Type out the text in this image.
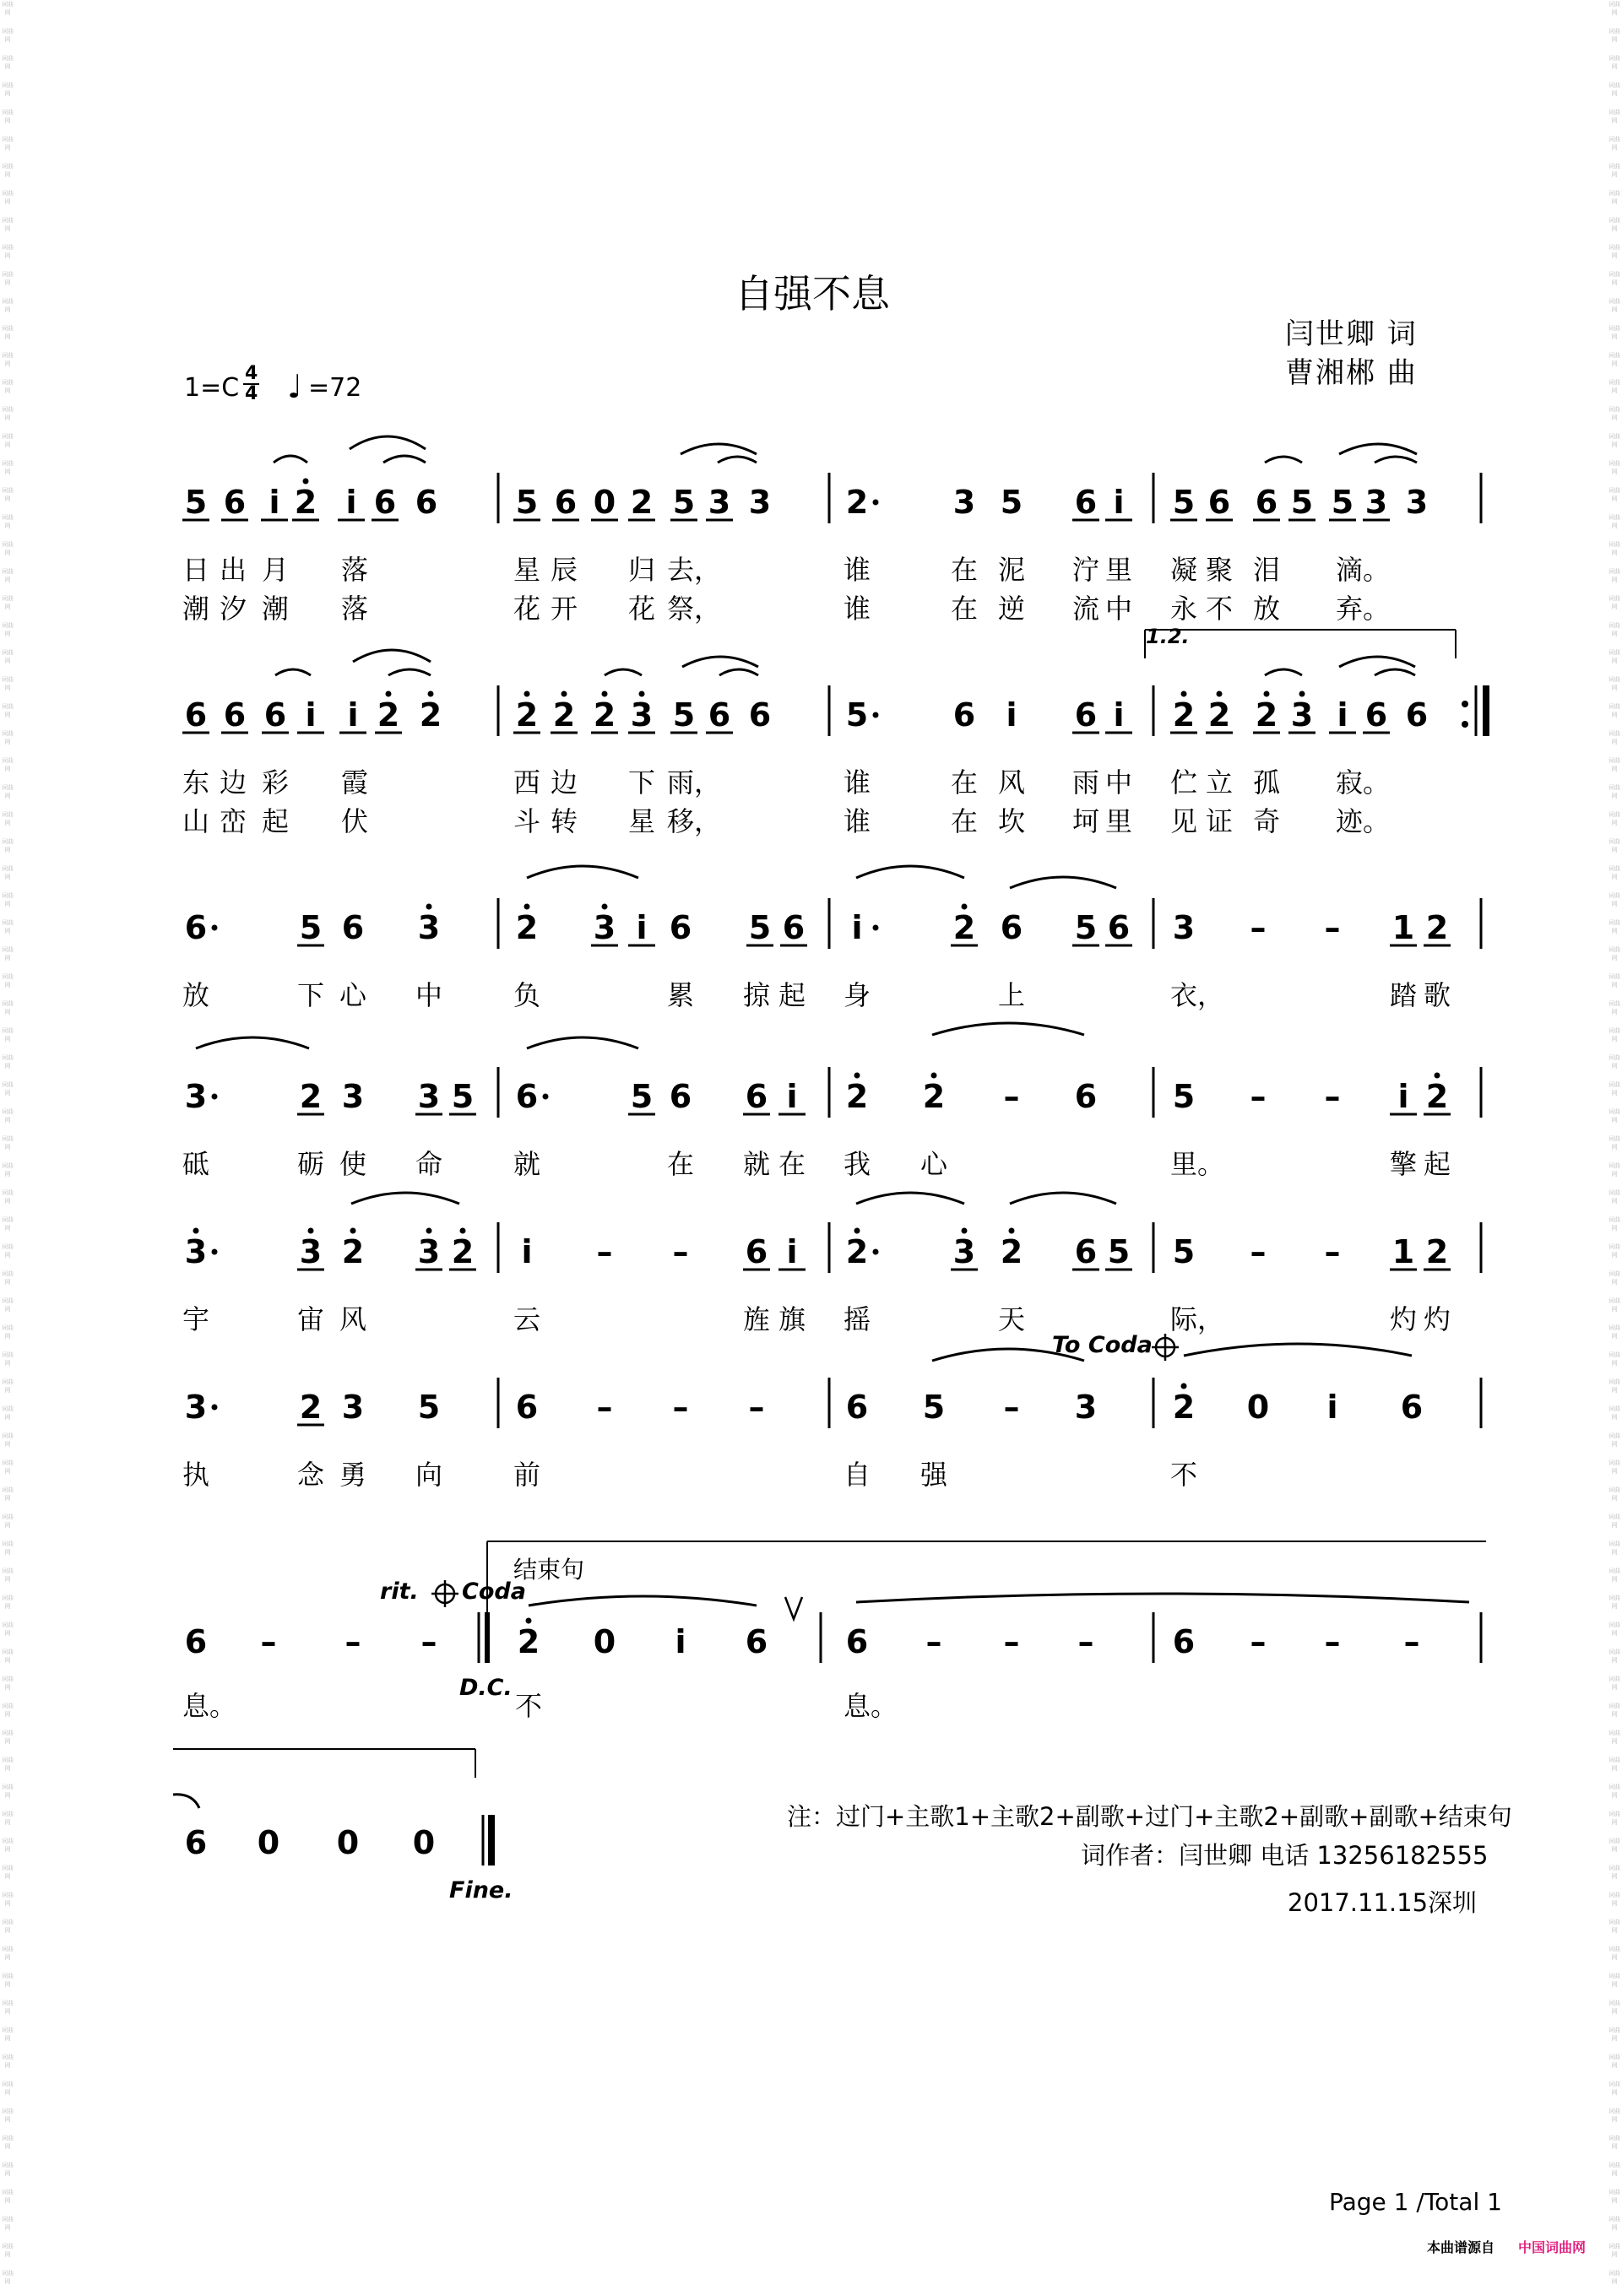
词曲网
词曲网
词曲网
词曲网
词曲网
词曲网
词曲网
词曲网
词曲网
词曲网
词曲网
词曲网
词曲网
词曲网
词曲网
词曲网
词曲网
词曲网
词曲网
词曲网
词曲网
词曲网
词曲网
词曲网
词曲网
词曲网
词曲网
词曲网
词曲网
词曲网
词曲网
词曲网
词曲网
词曲网
词曲网
词曲网
词曲网
词曲网
词曲网
词曲网
词曲网
词曲网
词曲网
词曲网
词曲网
词曲网
词曲网
词曲网
词曲网
词曲网
词曲网
词曲网
词曲网
词曲网
词曲网
词曲网
词曲网
词曲网
词曲网
词曲网
词曲网
词曲网
词曲网
词曲网
词曲网
词曲网
词曲网
词曲网
词曲网
词曲网
词曲网
词曲网
词曲网
词曲网
词曲网
词曲网
词曲网
词曲网
词曲网
词曲网
词曲网
词曲网
词曲网
词曲网
词曲网
词曲网
词曲网
词曲网
词曲网
词曲网
词曲网
词曲网
词曲网
词曲网
词曲网
词曲网
词曲网
词曲网
词曲网
词曲网
词曲网
词曲网
词曲网
词曲网
词曲网
词曲网
词曲网
词曲网
词曲网
词曲网
词曲网
词曲网
词曲网
词曲网
词曲网
词曲网
词曲网
词曲网
词曲网
词曲网
词曲网
词曲网
词曲网
词曲网
词曲网
词曲网
词曲网
词曲网
词曲网
词曲网
词曲网
词曲网
词曲网
词曲网
词曲网
词曲网
词曲网
词曲网
词曲网
词曲网
词曲网
词曲网
词曲网
词曲网
词曲网
词曲网
词曲网
词曲网
词曲网
词曲网
词曲网
词曲网
词曲网
词曲网
词曲网
词曲网
词曲网
词曲网
词曲网
词曲网
词曲网
词曲网
词曲网
词曲网
词曲网
词曲网
词曲网
词曲网
词曲网
词曲网
自强不息
闫世卿 词
曹湘郴 曲
1=C 4
4 ♩ =72
5 6 i 2 i 6 6 5 6 0 2 5 3 3 2	3 5 6 i 5 6 6 5 5 3 3
6 6 6 i i 2 2 2 2 2 3 5 6 6 5	6 i 6 i 2 2 2 3 i 6 6
6	5 6 3 2 3 i 6 5 6 i	2 6 5 6 3 – – 1 2
3	2 3 3 5 6	5 6 6 i 2 2 – 6 5 – – i 2
3	3 2 3 2 i – – 6 i 2	3 2 6 5 5 – – 1 2
3	2 3 5 6 – – –	6 5 – 3 2 0 i 6
6 – – –	2 0 i 6 6 – – – 6 – – –
6 0 0 0
1.2.
To Coda
rit. Coda
结束句
D.C.
Fine.
注：过门+主歌1+主歌2+副歌+过门+主歌2+副歌+副歌+结束句
词作者：闫世卿 电话 13256182555
2017.11.15深圳
Page 1 /Total 1
本曲谱源自 中国词曲网
日 出 月 落	星 辰 归 去，	谁	在 泥 泞 里 凝 聚 泪 滴。
潮 汐 潮 落	花 开 花 祭，	谁	在 逆 流 中 永 不 放 弃。
东 边 彩 霞	西 边 下 雨，	谁	在 风 雨 中 伫 立 孤 寂。
山 峦 起 伏	斗 转 星 移，	谁	在 坎 坷 里 见 证 奇 迹。
放	下 心 中	负	累 掠 起 身	上	衣，	踏 歌
砥	砺 使 命	就	在 就 在 我 心	里。	擎 起
宇	宙 风	云	旌 旗 摇	天	际，	灼 灼
执	念 勇 向	前	自 强	不
息。	不	息。
